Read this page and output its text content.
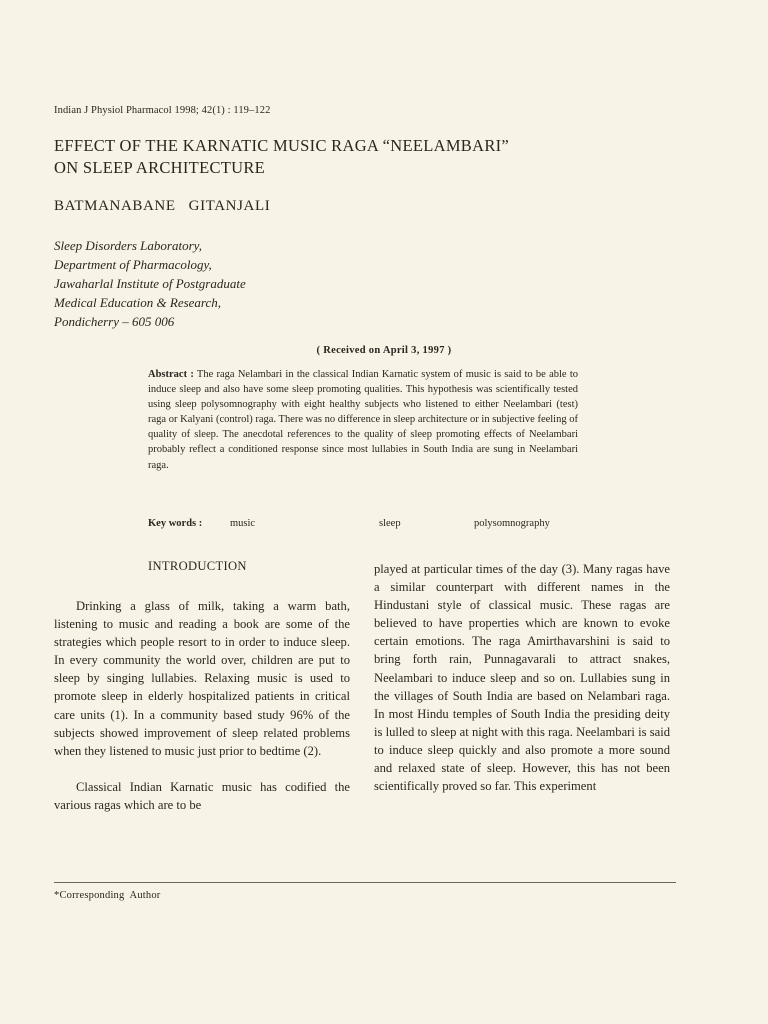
Indian J Physiol Pharmacol 1998; 42(1) : 119–122
EFFECT OF THE KARNATIC MUSIC RAGA “NEELAMBARI”
ON SLEEP ARCHITECTURE
BATMANABANE   GITANJALI
Sleep Disorders Laboratory,
Department of Pharmacology,
Jawaharlal Institute of Postgraduate
Medical Education & Research,
Pondicherry – 605 006
( Received on April 3, 1997 )
Abstract : The raga Nelambari in the classical Indian Karnatic system of music is said to be able to induce sleep and also have some sleep promoting qualities. This hypothesis was scientifically tested using sleep polysomnography with eight healthy subjects who listened to either Neelambari (test) raga or Kalyani (control) raga. There was no difference in sleep architecture or in subjective feeling of quality of sleep. The anecdotal references to the quality of sleep promoting effects of Neelambari probably reflect a conditioned response since most lullabies in South India are sung in Neelambari raga.
Key words :	music	sleep	polysomnography
INTRODUCTION

Drinking a glass of milk, taking a warm bath, listening to music and reading a book are some of the strategies which people resort to in order to induce sleep. In every community the world over, children are put to sleep by singing lullabies. Relaxing music is used to promote sleep in elderly hospitalized patients in critical care units (1). In a community based study 96% of the subjects showed improvement of sleep related problems when they listened to music just prior to bedtime (2).

Classical Indian Karnatic music has codified the various ragas which are to be

played at particular times of the day (3). Many ragas have a similar counterpart with different names in the Hindustani style of classical music. These ragas are believed to have properties which are known to evoke certain emotions. The raga Amirthavarshini is said to bring forth rain, Punnagavarali to attract snakes, Neelambari to induce sleep and so on. Lullabies sung in the villages of South India are based on Nelambari raga. In most Hindu temples of South India the presiding deity is lulled to sleep at night with this raga. Neelambari is said to induce sleep quickly and also promote a more sound and relaxed state of sleep. However, this has not been scientifically proved so far. This experiment

*Corresponding  Author
